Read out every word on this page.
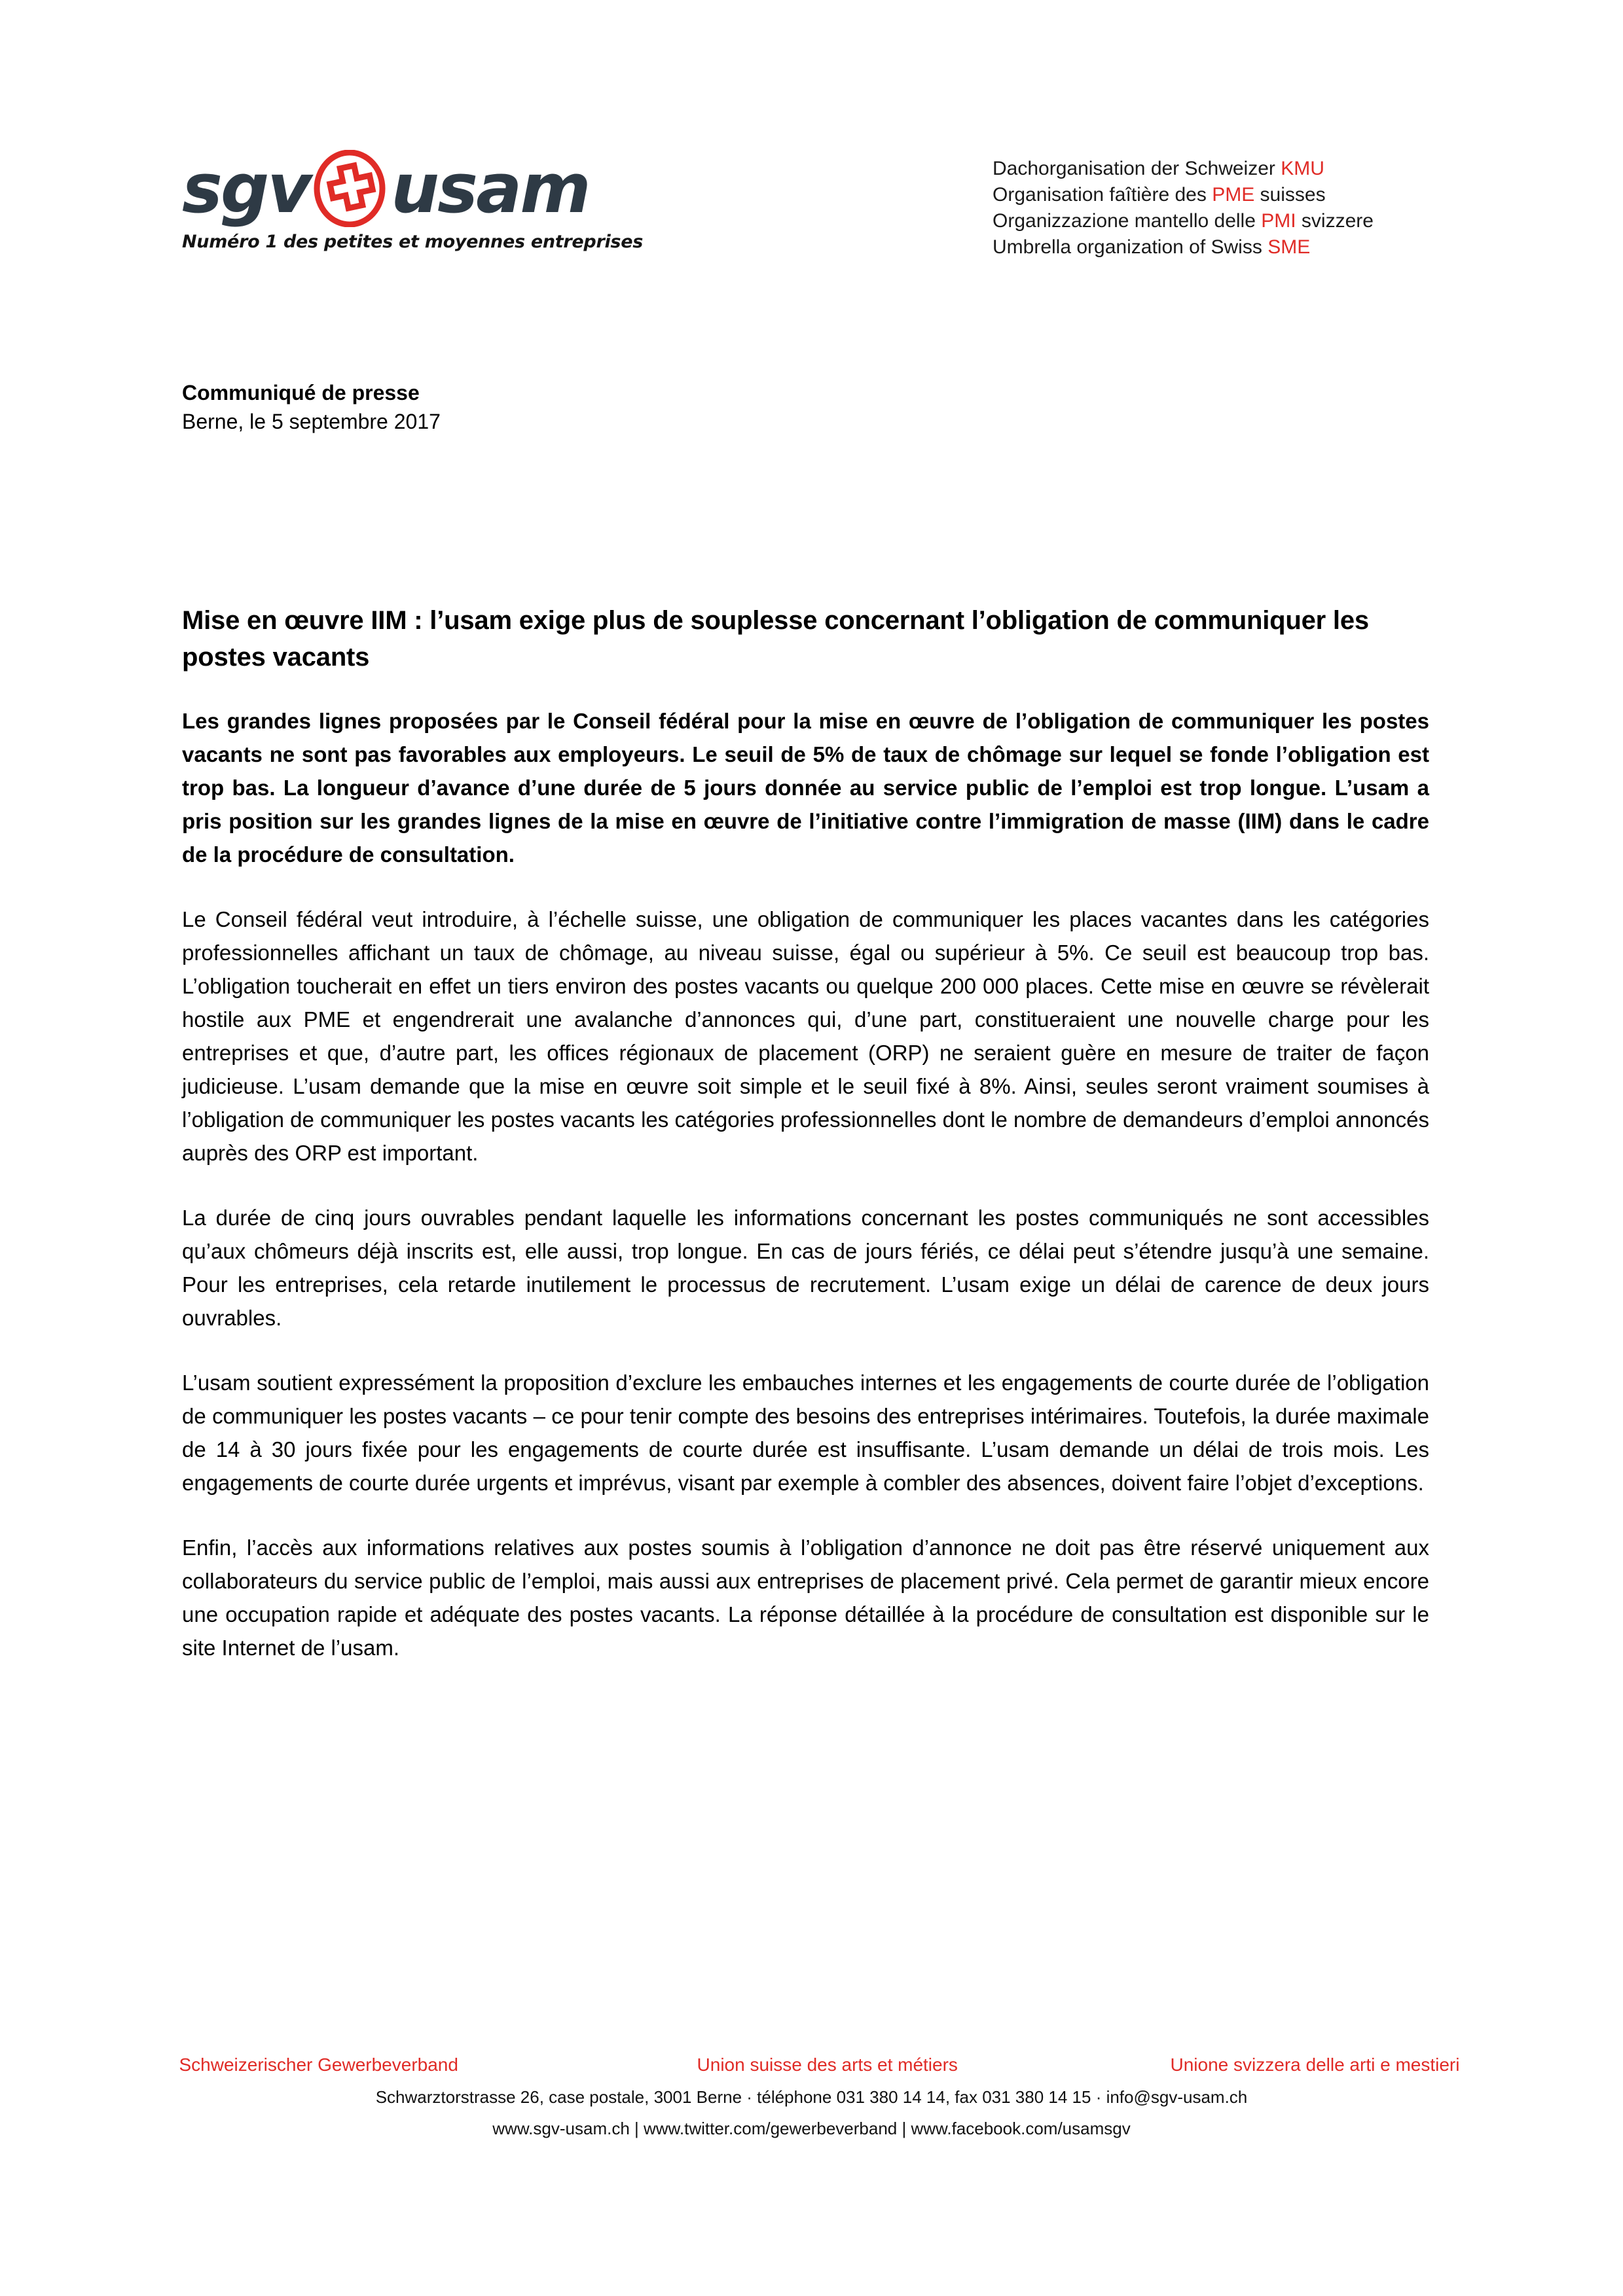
sgv usam
Numéro 1 des petites et moyennes entreprises
Dachorganisation der Schweizer KMU
Organisation faîtière des PME suisses
Organizzazione mantello delle PMI svizzere
Umbrella organization of Swiss SME
Communiqué de presse
Berne, le 5 septembre 2017
Mise en œuvre IIM : l’usam exige plus de souplesse concernant l’obligation de communiquer les postes vacants

Les grandes lignes proposées par le Conseil fédéral pour la mise en œuvre de l’obligation de communiquer les postes vacants ne sont pas favorables aux employeurs. Le seuil de 5% de taux de chômage sur lequel se fonde l’obligation est trop bas. La longueur d’avance d’une durée de 5 jours donnée au service public de l’emploi est trop longue. L’usam a pris position sur les grandes lignes de la mise en œuvre de l’initiative contre l’immigration de masse (IIM) dans le cadre de la procédure de consultation.

Le Conseil fédéral veut introduire, à l’échelle suisse, une obligation de communiquer les places vacantes dans les catégories professionnelles affichant un taux de chômage, au niveau suisse, égal ou supérieur à 5%. Ce seuil est beaucoup trop bas. L’obligation toucherait en effet un tiers environ des postes vacants ou quelque 200 000 places. Cette mise en œuvre se révèlerait hostile aux PME et engendrerait une avalanche d’annonces qui, d’une part, constitueraient une nouvelle charge pour les entreprises et que, d’autre part, les offices régionaux de placement (ORP) ne seraient guère en mesure de traiter de façon judicieuse. L’usam demande que la mise en œuvre soit simple et le seuil fixé à 8%. Ainsi, seules seront vraiment soumises à l’obligation de communiquer les postes vacants les catégories professionnelles dont le nombre de demandeurs d’emploi annoncés auprès des ORP est important.

La durée de cinq jours ouvrables pendant laquelle les informations concernant les postes communiqués ne sont accessibles qu’aux chômeurs déjà inscrits est, elle aussi, trop longue. En cas de jours fériés, ce délai peut s’étendre jusqu’à une semaine. Pour les entreprises, cela retarde inutilement le processus de recrutement. L’usam exige un délai de carence de deux jours ouvrables.

L’usam soutient expressément la proposition d’exclure les embauches internes et les engagements de courte durée de l’obligation de communiquer les postes vacants – ce pour tenir compte des besoins des entreprises intérimaires. Toutefois, la durée maximale de 14 à 30 jours fixée pour les engagements de courte durée est insuffisante. L’usam demande un délai de trois mois. Les engagements de courte durée urgents et imprévus, visant par exemple à combler des absences, doivent faire l’objet d’exceptions.

Enfin, l’accès aux informations relatives aux postes soumis à l’obligation d’annonce ne doit pas être réservé uniquement aux collaborateurs du service public de l’emploi, mais aussi aux entreprises de placement privé. Cela permet de garantir mieux encore une occupation rapide et adéquate des postes vacants. La réponse détaillée à la procédure de consultation est disponible sur le site Internet de l’usam.

Schweizerischer Gewerbeverband	Union suisse des arts et métiers	Unione svizzera delle arti e mestieri
Schwarztorstrasse 26, case postale, 3001 Berne · téléphone 031 380 14 14, fax 031 380 14 15 · info@sgv-usam.ch
www.sgv-usam.ch | www.twitter.com/gewerbeverband | www.facebook.com/usamsgv
